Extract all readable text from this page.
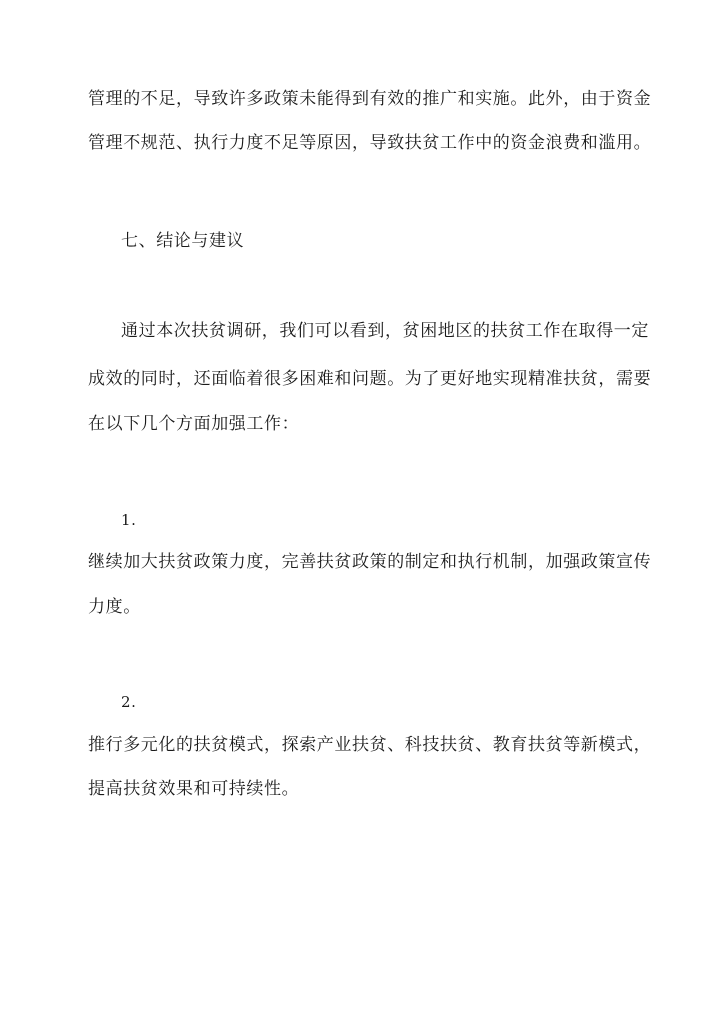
管理的不足，导致许多政策未能得到有效的推广和实施。此外，由于资金
管理不规范、执行力度不足等原因，导致扶贫工作中的资金浪费和滥用。
七、结论与建议
通过本次扶贫调研，我们可以看到，贫困地区的扶贫工作在取得一定
成效的同时，还面临着很多困难和问题。为了更好地实现精准扶贫，需要
在以下几个方面加强工作：
1.
继续加大扶贫政策力度，完善扶贫政策的制定和执行机制，加强政策宣传
力度。
2.
推行多元化的扶贫模式，探索产业扶贫、科技扶贫、教育扶贫等新模式，
提高扶贫效果和可持续性。
